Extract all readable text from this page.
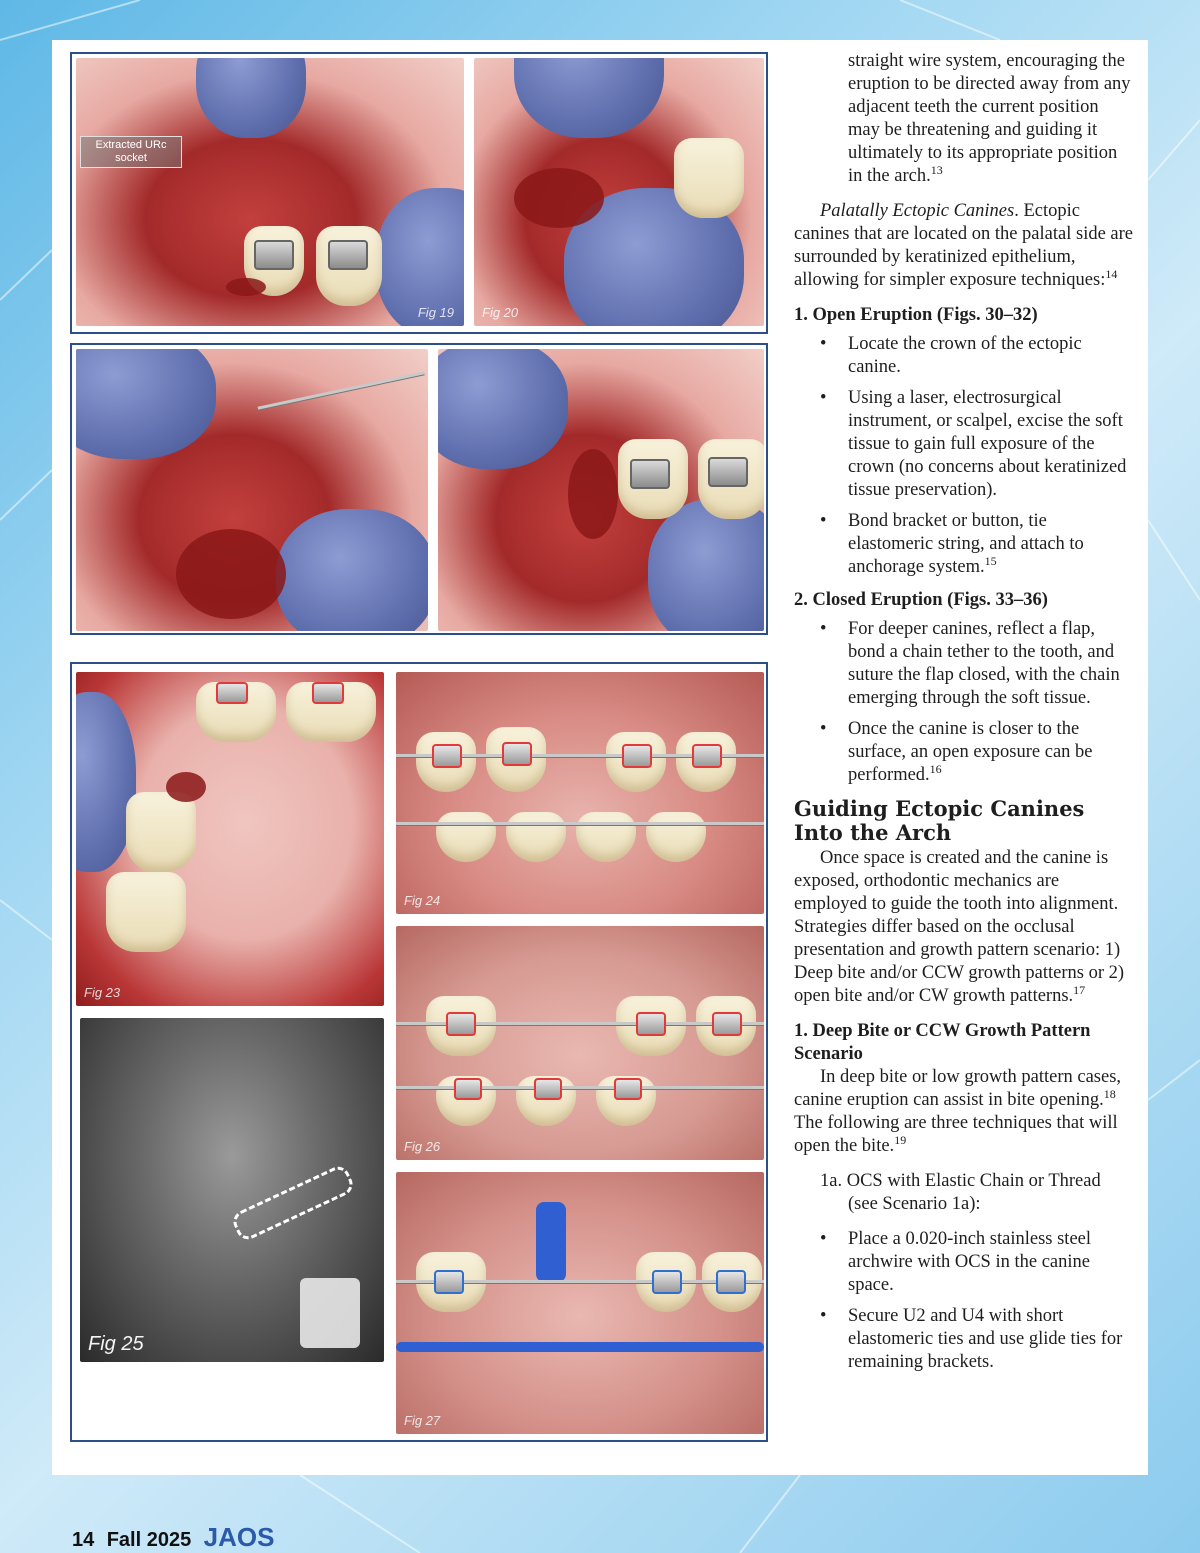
Extracted URc socket
Fig 19 Fig 20
Fig 23
Fig 24
Fig 25
Fig 26
Fig 27

straight wire system, encouraging the eruption to be directed away from any adjacent teeth the current position may be threatening and guiding it ultimately to its appropriate position in the arch.$^{13}$

Palatally Ectopic Canines. Ectopic canines that are located on the palatal side are surrounded by keratinized epithelium, allowing for simpler exposure techniques:$^{14}$

1. Open Eruption (Figs. 30–32)
• Locate the crown of the ectopic canine.
• Using a laser, electrosurgical instrument, or scalpel, excise the soft tissue to gain full exposure of the crown (no concerns about keratinized tissue preservation).
• Bond bracket or button, tie elastomeric string, and attach to anchorage system.$^{15}$
2. Closed Eruption (Figs. 33–36)
• For deeper canines, reflect a flap, bond a chain tether to the tooth, and suture the flap closed, with the chain emerging through the soft tissue.
• Once the canine is closer to the surface, an open exposure can be performed.$^{16}$
Guiding Ectopic Canines Into the Arch

Once space is created and the canine is exposed, orthodontic mechanics are employed to guide the tooth into alignment. Strategies differ based on the occlusal presentation and growth pattern scenario: 1) Deep bite and/or CCW growth patterns or 2) open bite and/or CW growth patterns.$^{17}$

1. Deep Bite or CCW Growth Pattern Scenario

In deep bite or low growth pattern cases, canine eruption can assist in bite opening.$^{18}$ The following are three techniques that will open the bite.$^{19}$

1a. OCS with Elastic Chain or Thread (see Scenario 1a):

• Place a 0.020-inch stainless steel archwire with OCS in the canine space.
• Secure U2 and U4 with short elastomeric ties and use glide ties for remaining brackets.
14 Fall 2025 JAOS
